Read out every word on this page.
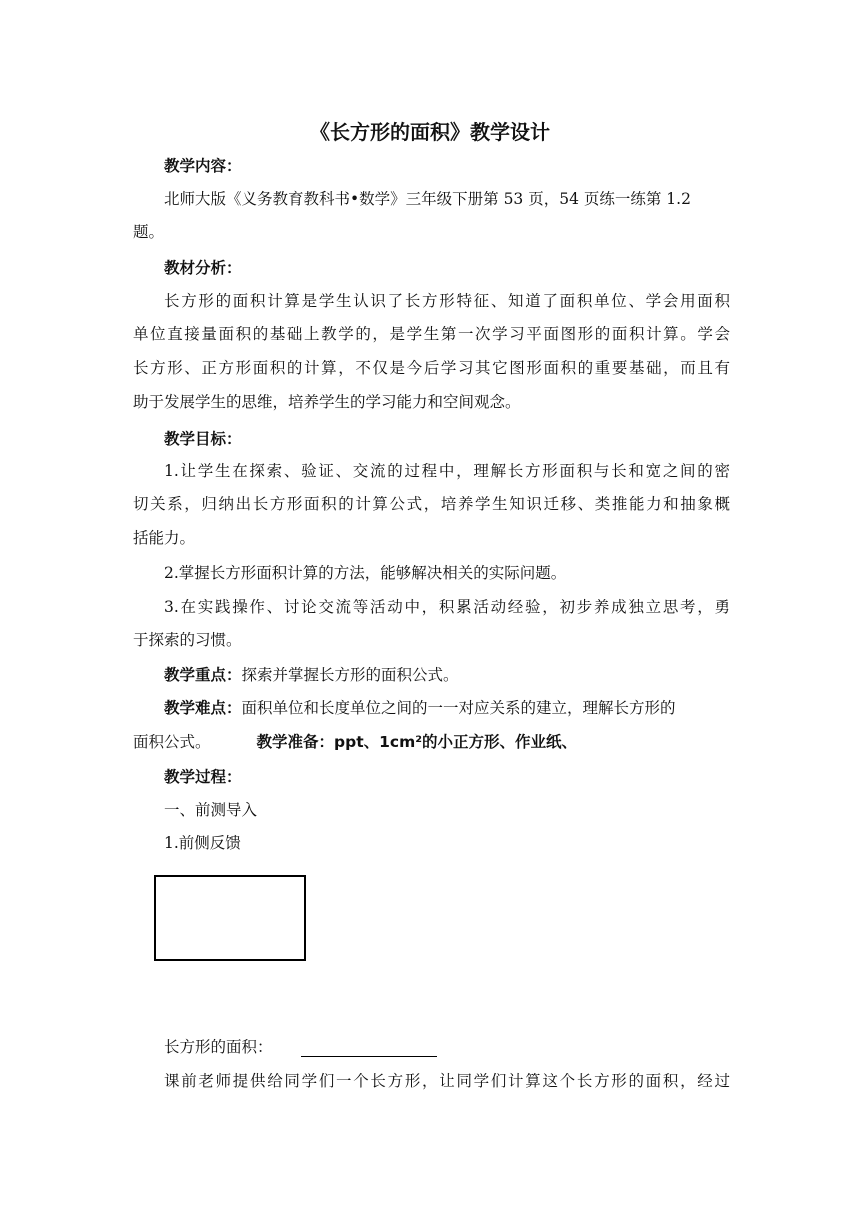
《长方形的面积》教学设计
教学内容：
北师大版《义务教育教科书•数学》三年级下册第 53 页，54 页练一练第 1.2
题。
教材分析：
长方形的面积计算是学生认识了长方形特征、知道了面积单位、学会用面积
单位直接量面积的基础上教学的，是学生第一次学习平面图形的面积计算。学会
长方形、正方形面积的计算，不仅是今后学习其它图形面积的重要基础，而且有
助于发展学生的思维，培养学生的学习能力和空间观念。
教学目标：
1.让学生在探索、验证、交流的过程中，理解长方形面积与长和宽之间的密
切关系，归纳出长方形面积的计算公式，培养学生知识迁移、类推能力和抽象概
括能力。
2.掌握长方形面积计算的方法，能够解决相关的实际问题。
3.在实践操作、讨论交流等活动中，积累活动经验，初步养成独立思考，勇
于探索的习惯。
教学重点：探索并掌握长方形的面积公式。
教学难点：面积单位和长度单位之间的一一对应关系的建立，理解长方形的
面积公式。	教学准备：ppt、1cm²的小正方形、作业纸、
教学过程：
一、前测导入
1.前侧反馈
长方形的面积：
课前老师提供给同学们一个长方形，让同学们计算这个长方形的面积，经过
